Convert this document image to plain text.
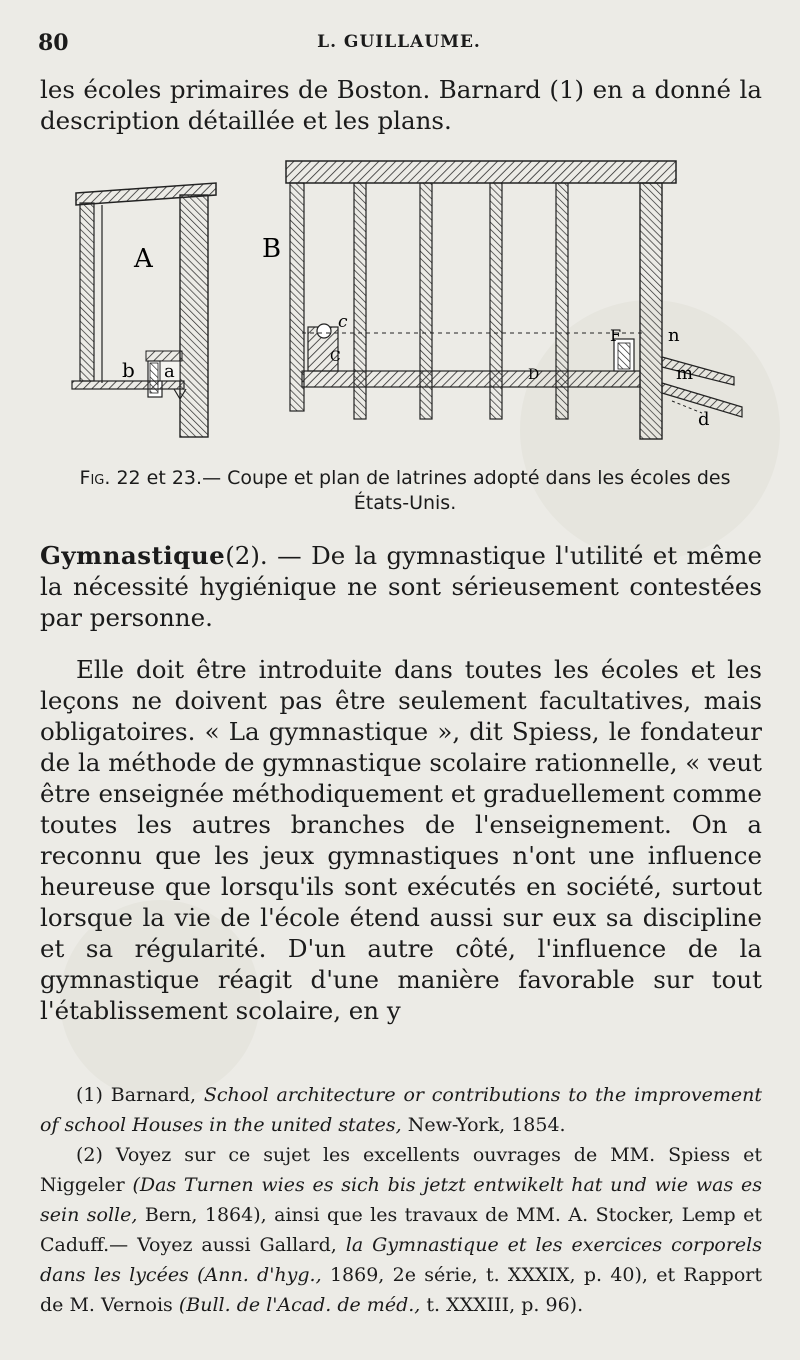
80	L. GUILLAUME.
les écoles primaires de Boston. Barnard (1) en a donné la description détaillée et les plans.
A
b a
B
c
C
D
F	n
m
d
Fig. 22 et 23.— Coupe et plan de latrines adopté dans les écoles des États-Unis.
Gymnastique(2). — De la gymnastique l'utilité et même la nécessité hygiénique ne sont sérieusement contestées par personne.
Elle doit être introduite dans toutes les écoles et les leçons ne doivent pas être seulement facultatives, mais obligatoires. « La gymnastique », dit Spiess, le fondateur de la méthode de gymnastique scolaire rationnelle, « veut être enseignée méthodiquement et graduellement comme toutes les autres branches de l'enseignement. On a reconnu que les jeux gymnastiques n'ont une influence heureuse que lorsqu'ils sont exécutés en société, surtout lorsque la vie de l'école étend aussi sur eux sa discipline et sa régularité. D'un autre côté, l'influence de la gymnastique réagit d'une manière favorable sur tout l'établissement scolaire, en y
(1) Barnard, School architecture or contributions to the improvement of school Houses in the united states, New-York, 1854.
(2) Voyez sur ce sujet les excellents ouvrages de MM. Spiess et Niggeler (Das Turnen wies es sich bis jetzt entwikelt hat und wie was es sein solle, Bern, 1864), ainsi que les travaux de MM. A. Stocker, Lemp et Caduff.— Voyez aussi Gallard, la Gymnastique et les exercices corporels dans les lycées (Ann. d'hyg., 1869, 2e série, t. XXXIX, p. 40), et Rapport de M. Vernois (Bull. de l'Acad. de méd., t. XXXIII, p. 96).
